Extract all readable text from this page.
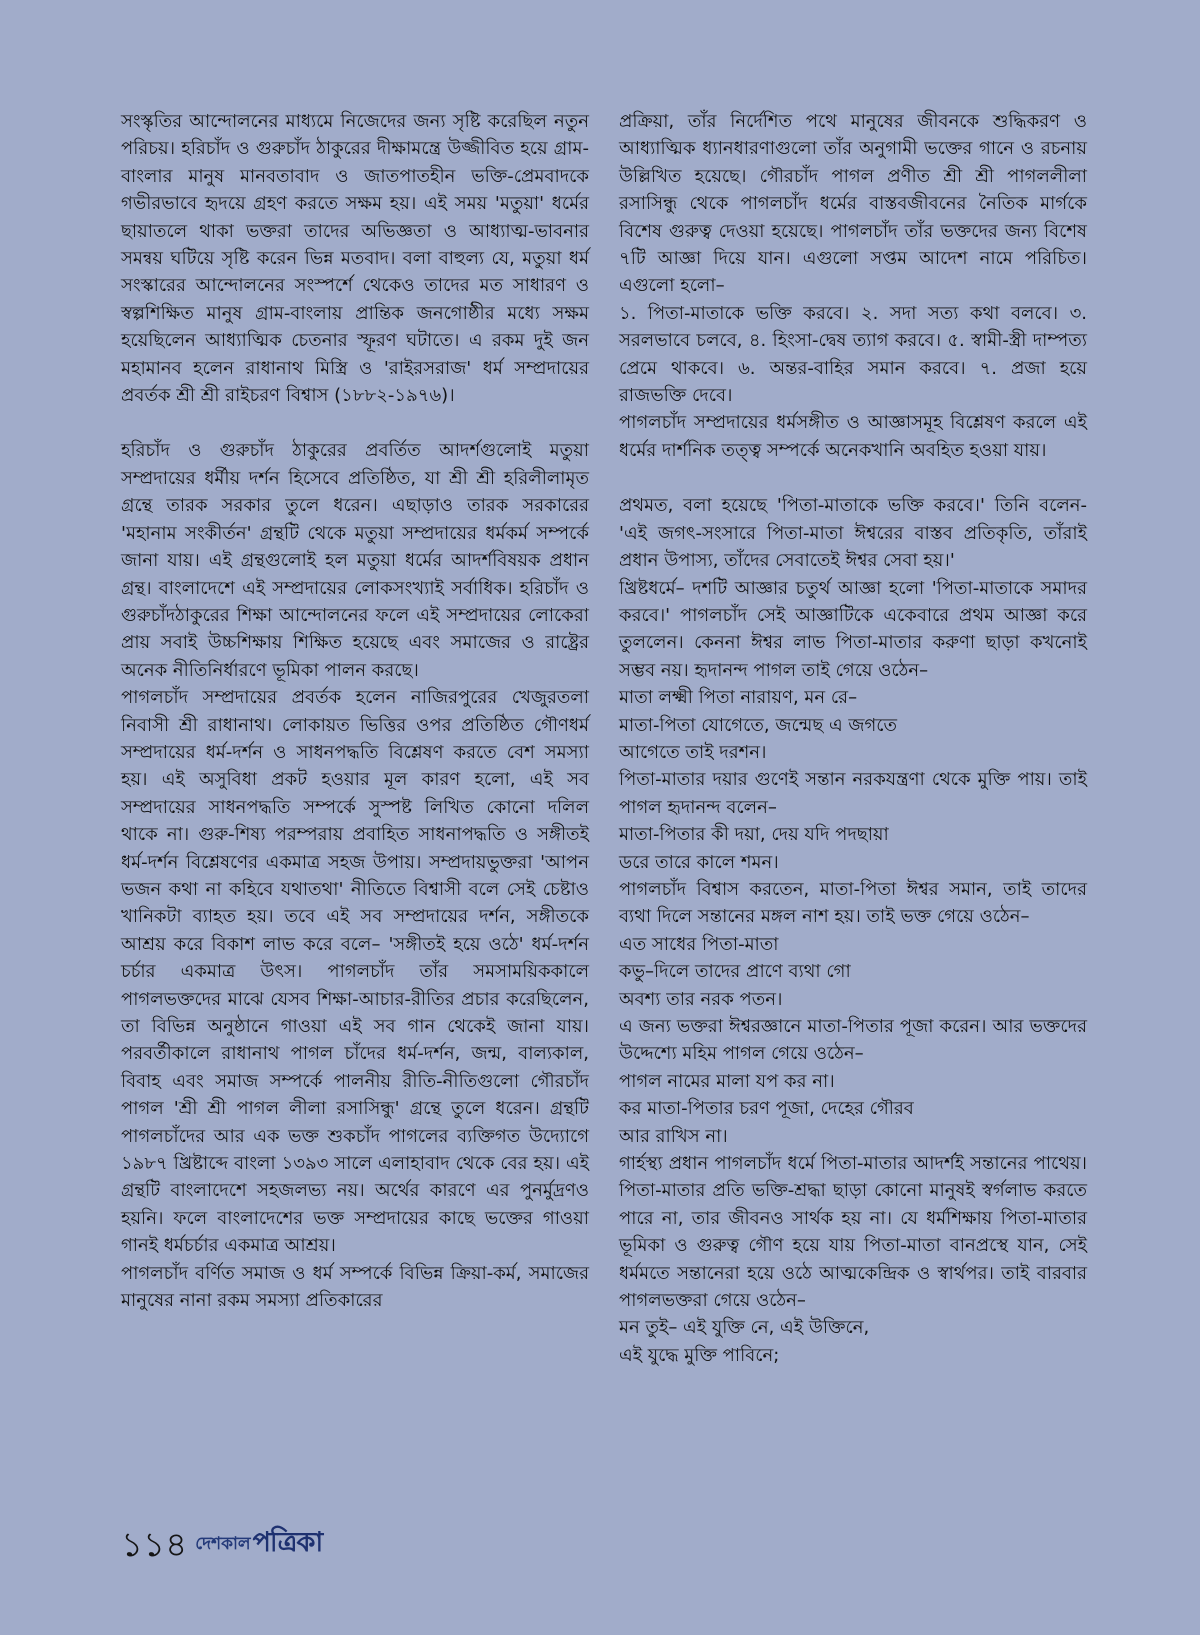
সংস্কৃতির আন্দোলনের মাধ্যমে নিজেদের জন্য সৃষ্টি করেছিল নতুন পরিচয়। হরিচাঁদ ও গুরুচাঁদ ঠাকুরের দীক্ষামন্ত্রে উজ্জীবিত হয়ে গ্রাম-বাংলার মানুষ মানবতাবাদ ও জাতপাতহীন ভক্তি-প্রেমবাদকে গভীরভাবে হৃদয়ে গ্রহণ করতে সক্ষম হয়। এই সময় 'মতুয়া' ধর্মের ছায়াতলে থাকা ভক্তরা তাদের অভিজ্ঞতা ও আধ্যাত্ম-ভাবনার সমন্বয় ঘটিয়ে সৃষ্টি করেন ভিন্ন মতবাদ। বলা বাহুল্য যে, মতুয়া ধর্ম সংস্কারের আন্দোলনের সংস্পর্শে থেকেও তাদের মত সাধারণ ও স্বল্পশিক্ষিত মানুষ গ্রাম-বাংলায় প্রান্তিক জনগোষ্ঠীর মধ্যে সক্ষম হয়েছিলেন আধ্যাত্মিক চেতনার স্ফূরণ ঘটাতে। এ রকম দুই জন মহামানব হলেন রাধানাথ মিস্ত্রি ও 'রাইরসরাজ' ধর্ম সম্প্রদায়ের প্রবর্তক শ্রী শ্রী রাইচরণ বিশ্বাস (১৮৮২-১৯৭৬)।

হরিচাঁদ ও গুরুচাঁদ ঠাকুরের প্রবর্তিত আদর্শগুলোই মতুয়া সম্প্রদায়ের ধর্মীয় দর্শন হিসেবে প্রতিষ্ঠিত, যা শ্রী শ্রী হরিলীলামৃত গ্রন্থে তারক সরকার তুলে ধরেন। এছাড়াও তারক সরকারের 'মহানাম সংকীর্তন' গ্রন্থটি থেকে মতুয়া সম্প্রদায়ের ধর্মকর্ম সম্পর্কে জানা যায়। এই গ্রন্থগুলোই হল মতুয়া ধর্মের আদর্শবিষয়ক প্রধান গ্রন্থ। বাংলাদেশে এই সম্প্রদায়ের লোকসংখ্যাই সর্বাধিক। হরিচাঁদ ও গুরুচাঁদঠাকুরের শিক্ষা আন্দোলনের ফলে এই সম্প্রদায়ের লোকেরা প্রায় সবাই উচ্চশিক্ষায় শিক্ষিত হয়েছে এবং সমাজের ও রাষ্ট্রের অনেক নীতিনির্ধারণে ভূমিকা পালন করছে।

পাগলচাঁদ সম্প্রদায়ের প্রবর্তক হলেন নাজিরপুরের খেজুরতলা নিবাসী শ্রী রাধানাথ। লোকায়ত ভিত্তির ওপর প্রতিষ্ঠিত গৌণধর্ম সম্প্রদায়ের ধর্ম-দর্শন ও সাধনপদ্ধতি বিশ্লেষণ করতে বেশ সমস্যা হয়। এই অসুবিধা প্রকট হওয়ার মূল কারণ হলো, এই সব সম্প্রদায়ের সাধনপদ্ধতি সম্পর্কে সুস্পষ্ট লিখিত কোনো দলিল থাকে না। গুরু-শিষ্য পরম্পরায় প্রবাহিত সাধনাপদ্ধতি ও সঙ্গীতই ধর্ম-দর্শন বিশ্লেষণের একমাত্র সহজ উপায়। সম্প্রদায়ভুক্তরা 'আপন ভজন কথা না কহিবে যথাতথা' নীতিতে বিশ্বাসী বলে সেই চেষ্টাও খানিকটা ব্যাহত হয়। তবে এই সব সম্প্রদায়ের দর্শন, সঙ্গীতকে আশ্রয় করে বিকাশ লাভ করে বলে– 'সঙ্গীতই হয়ে ওঠে' ধর্ম-দর্শন চর্চার একমাত্র উৎস। পাগলচাঁদ তাঁর সমসাময়িককালে পাগলভক্তদের মাঝে যেসব শিক্ষা-আচার-রীতির প্রচার করেছিলেন, তা বিভিন্ন অনুষ্ঠানে গাওয়া এই সব গান থেকেই জানা যায়। পরবর্তীকালে রাধানাথ পাগল চাঁদের ধর্ম-দর্শন, জন্ম, বাল্যকাল, বিবাহ এবং সমাজ সম্পর্কে পালনীয় রীতি-নীতিগুলো গৌরচাঁদ পাগল 'শ্রী শ্রী পাগল লীলা রসাসিন্ধু' গ্রন্থে তুলে ধরেন। গ্রন্থটি পাগলচাঁদের আর এক ভক্ত শুকচাঁদ পাগলের ব্যক্তিগত উদ্যোগে ১৯৮৭ খ্রিষ্টাব্দে বাংলা ১৩৯৩ সালে এলাহাবাদ থেকে বের হয়। এই গ্রন্থটি বাংলাদেশে সহজলভ্য নয়। অর্থের কারণে এর পুনর্মুদ্রণও হয়নি। ফলে বাংলাদেশের ভক্ত সম্প্রদায়ের কাছে ভক্তের গাওয়া গানই ধর্মচর্চার একমাত্র আশ্রয়।

পাগলচাঁদ বর্ণিত সমাজ ও ধর্ম সম্পর্কে বিভিন্ন ক্রিয়া-কর্ম, সমাজের মানুষের নানা রকম সমস্যা প্রতিকারের

প্রক্রিয়া, তাঁর নির্দেশিত পথে মানুষের জীবনকে শুদ্ধিকরণ ও আধ্যাত্মিক ধ্যানধারণাগুলো তাঁর অনুগামী ভক্তের গানে ও রচনায় উল্লিখিত হয়েছে। গৌরচাঁদ পাগল প্রণীত শ্রী শ্রী পাগললীলা রসাসিন্ধু থেকে পাগলচাঁদ ধর্মের বাস্তবজীবনের নৈতিক মার্গকে বিশেষ গুরুত্ব দেওয়া হয়েছে। পাগলচাঁদ তাঁর ভক্তদের জন্য বিশেষ ৭টি আজ্ঞা দিয়ে যান। এগুলো সপ্তম আদেশ নামে পরিচিত। এগুলো হলো–

১. পিতা-মাতাকে ভক্তি করবে। ২. সদা সত্য কথা বলবে। ৩. সরলভাবে চলবে, ৪. হিংসা-দ্বেষ ত্যাগ করবে। ৫. স্বামী-স্ত্রী দাম্পত্য প্রেমে থাকবে। ৬. অন্তর-বাহির সমান করবে। ৭. প্রজা হয়ে রাজভক্তি দেবে।

পাগলচাঁদ সম্প্রদায়ের ধর্মসঙ্গীত ও আজ্ঞাসমূহ বিশ্লেষণ করলে এই ধর্মের দার্শনিক তত্ত্ব সম্পর্কে অনেকখানি অবহিত হওয়া যায়।

প্রথমত, বলা হয়েছে 'পিতা-মাতাকে ভক্তি করবে।' তিনি বলেন- 'এই জগৎ-সংসারে পিতা-মাতা ঈশ্বরের বাস্তব প্রতিকৃতি, তাঁরাই প্রধান উপাস্য, তাঁদের সেবাতেই ঈশ্বর সেবা হয়।'

খ্রিষ্টধর্মে– দশটি আজ্ঞার চতুর্থ আজ্ঞা হলো 'পিতা-মাতাকে সমাদর করবে।' পাগলচাঁদ সেই আজ্ঞাটিকে একেবারে প্রথম আজ্ঞা করে তুললেন। কেননা ঈশ্বর লাভ পিতা-মাতার করুণা ছাড়া কখনোই সম্ভব নয়। হৃদানন্দ পাগল তাই গেয়ে ওঠেন–

মাতা লক্ষ্মী পিতা নারায়ণ, মন রে–

মাতা-পিতা যোগেতে, জন্মেছ এ জগতে

আগেতে তাই দরশন।

পিতা-মাতার দয়ার গুণেই সন্তান নরকযন্ত্রণা থেকে মুক্তি পায়। তাই পাগল হৃদানন্দ বলেন–

মাতা-পিতার কী দয়া, দেয় যদি পদছায়া

ডরে তারে কালে শমন।

পাগলচাঁদ বিশ্বাস করতেন, মাতা-পিতা ঈশ্বর সমান, তাই তাদের ব্যথা দিলে সন্তানের মঙ্গল নাশ হয়। তাই ভক্ত গেয়ে ওঠেন–

এত সাধের পিতা-মাতা

কভু–দিলে তাদের প্রাণে ব্যথা গো

অবশ্য তার নরক পতন।

এ জন্য ভক্তরা ঈশ্বরজ্ঞানে মাতা-পিতার পূজা করেন। আর ভক্তদের উদ্দেশ্যে মহিম পাগল গেয়ে ওঠেন–

পাগল নামের মালা যপ কর না।

কর মাতা-পিতার চরণ পূজা, দেহের গৌরব

আর রাখিস না।

গার্হস্থ্য প্রধান পাগলচাঁদ ধর্মে পিতা-মাতার আদর্শই সন্তানের পাথেয়। পিতা-মাতার প্রতি ভক্তি-শ্রদ্ধা ছাড়া কোনো মানুষই স্বর্গলাভ করতে পারে না, তার জীবনও সার্থক হয় না। যে ধর্মশিক্ষায় পিতা-মাতার ভূমিকা ও গুরুত্ব গৌণ হয়ে যায় পিতা-মাতা বানপ্রস্থে যান, সেই ধর্মমতে সন্তানেরা হয়ে ওঠে আত্মকেন্দ্রিক ও স্বার্থপর। তাই বারবার পাগলভক্তরা গেয়ে ওঠেন–

মন তুই– এই যুক্তি নে, এই উক্তিনে,

এই যুদ্ধে মুক্তি পাবিনে;

১১৪ দেশকাল পত্রিকা
